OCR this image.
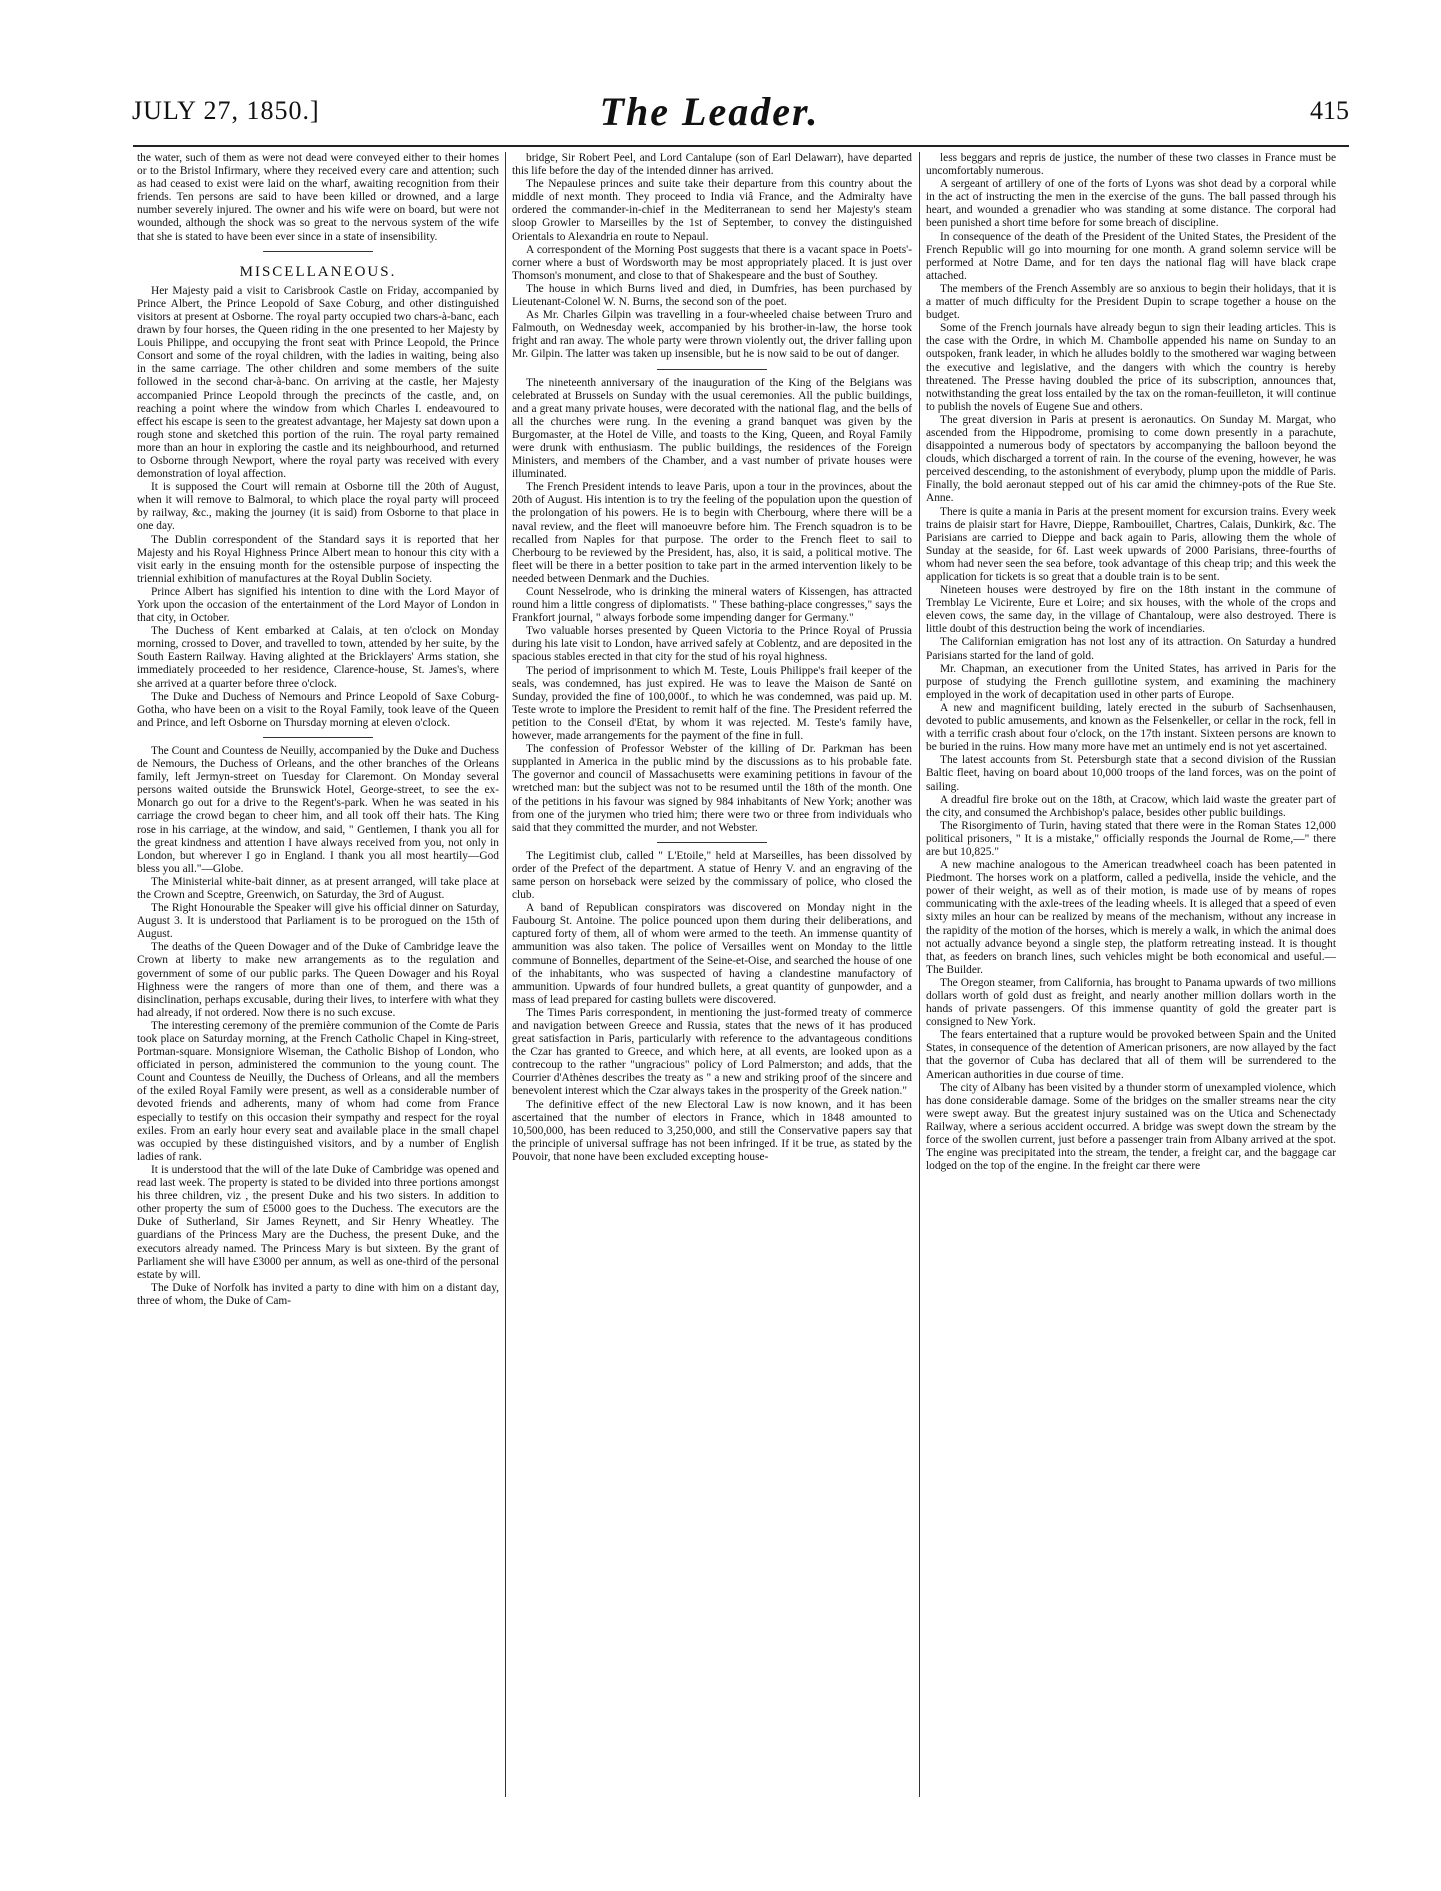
JULY 27, 1850.]	The Leader.	415

the water, such of them as were not dead were conveyed either to their homes or to the Bristol Infirmary, where they received every care and attention; such as had ceased to exist were laid on the wharf, awaiting recognition from their friends. Ten persons are said to have been killed or drowned, and a large number severely injured. The owner and his wife were on board, but were not wounded, although the shock was so great to the nervous system of the wife that she is stated to have been ever since in a state of insensibility.

MISCELLANEOUS.

Her Majesty paid a visit to Carisbrook Castle on Friday, accompanied by Prince Albert, the Prince Leopold of Saxe Coburg, and other distinguished visitors at present at Osborne. The royal party occupied two chars-à-banc, each drawn by four horses, the Queen riding in the one presented to her Majesty by Louis Philippe, and occupying the front seat with Prince Leopold, the Prince Consort and some of the royal children, with the ladies in waiting, being also in the same carriage. The other children and some members of the suite followed in the second char-à-banc. On arriving at the castle, her Majesty accompanied Prince Leopold through the precincts of the castle, and, on reaching a point where the window from which Charles I. endeavoured to effect his escape is seen to the greatest advantage, her Majesty sat down upon a rough stone and sketched this portion of the ruin. The royal party remained more than an hour in exploring the castle and its neighbourhood, and returned to Osborne through Newport, where the royal party was received with every demonstration of loyal affection.

It is supposed the Court will remain at Osborne till the 20th of August, when it will remove to Balmoral, to which place the royal party will proceed by railway, &c., making the journey (it is said) from Osborne to that place in one day.

The Dublin correspondent of the Standard says it is reported that her Majesty and his Royal Highness Prince Albert mean to honour this city with a visit early in the ensuing month for the ostensible purpose of inspecting the triennial exhibition of manufactures at the Royal Dublin Society.

Prince Albert has signified his intention to dine with the Lord Mayor of York upon the occasion of the entertainment of the Lord Mayor of London in that city, in October.

The Duchess of Kent embarked at Calais, at ten o'clock on Monday morning, crossed to Dover, and travelled to town, attended by her suite, by the South Eastern Railway. Having alighted at the Bricklayers' Arms station, she immediately proceeded to her residence, Clarence-house, St. James's, where she arrived at a quarter before three o'clock.

The Duke and Duchess of Nemours and Prince Leopold of Saxe Coburg-Gotha, who have been on a visit to the Royal Family, took leave of the Queen and Prince, and left Osborne on Thursday morning at eleven o'clock.

The Count and Countess de Neuilly, accompanied by the Duke and Duchess de Nemours, the Duchess of Orleans, and the other branches of the Orleans family, left Jermyn-street on Tuesday for Claremont. On Monday several persons waited outside the Brunswick Hotel, George-street, to see the ex-Monarch go out for a drive to the Regent's-park. When he was seated in his carriage the crowd began to cheer him, and all took off their hats. The King rose in his carriage, at the window, and said, " Gentlemen, I thank you all for the great kindness and attention I have always received from you, not only in London, but wherever I go in England. I thank you all most heartily—God bless you all."—Globe.

The Ministerial white-bait dinner, as at present arranged, will take place at the Crown and Sceptre, Greenwich, on Saturday, the 3rd of August.

The Right Honourable the Speaker will give his official dinner on Saturday, August 3. It is understood that Parliament is to be prorogued on the 15th of August.

The deaths of the Queen Dowager and of the Duke of Cambridge leave the Crown at liberty to make new arrangements as to the regulation and government of some of our public parks. The Queen Dowager and his Royal Highness were the rangers of more than one of them, and there was a disinclination, perhaps excusable, during their lives, to interfere with what they had already, if not ordered. Now there is no such excuse.

The interesting ceremony of the première communion of the Comte de Paris took place on Saturday morning, at the French Catholic Chapel in King-street, Portman-square. Monsigniore Wiseman, the Catholic Bishop of London, who officiated in person, administered the communion to the young count. The Count and Countess de Neuilly, the Duchess of Orleans, and all the members of the exiled Royal Family were present, as well as a considerable number of devoted friends and adherents, many of whom had come from France especially to testify on this occasion their sympathy and respect for the royal exiles. From an early hour every seat and available place in the small chapel was occupied by these distinguished visitors, and by a number of English ladies of rank.

It is understood that the will of the late Duke of Cambridge was opened and read last week. The property is stated to be divided into three portions amongst his three children, viz , the present Duke and his two sisters. In addition to other property the sum of £5000 goes to the Duchess. The executors are the Duke of Sutherland, Sir James Reynett, and Sir Henry Wheatley. The guardians of the Princess Mary are the Duchess, the present Duke, and the executors already named. The Princess Mary is but sixteen. By the grant of Parliament she will have £3000 per annum, as well as one-third of the personal estate by will.

The Duke of Norfolk has invited a party to dine with him on a distant day, three of whom, the Duke of Cam-

bridge, Sir Robert Peel, and Lord Cantalupe (son of Earl Delawarr), have departed this life before the day of the intended dinner has arrived.

The Nepaulese princes and suite take their departure from this country about the middle of next month. They proceed to India viâ France, and the Admiralty have ordered the commander-in-chief in the Mediterranean to send her Majesty's steam sloop Growler to Marseilles by the 1st of September, to convey the distinguished Orientals to Alexandria en route to Nepaul.

A correspondent of the Morning Post suggests that there is a vacant space in Poets'-corner where a bust of Wordsworth may be most appropriately placed. It is just over Thomson's monument, and close to that of Shakespeare and the bust of Southey.

The house in which Burns lived and died, in Dumfries, has been purchased by Lieutenant-Colonel W. N. Burns, the second son of the poet.

As Mr. Charles Gilpin was travelling in a four-wheeled chaise between Truro and Falmouth, on Wednesday week, accompanied by his brother-in-law, the horse took fright and ran away. The whole party were thrown violently out, the driver falling upon Mr. Gilpin. The latter was taken up insensible, but he is now said to be out of danger.

The nineteenth anniversary of the inauguration of the King of the Belgians was celebrated at Brussels on Sunday with the usual ceremonies. All the public buildings, and a great many private houses, were decorated with the national flag, and the bells of all the churches were rung. In the evening a grand banquet was given by the Burgomaster, at the Hotel de Ville, and toasts to the King, Queen, and Royal Family were drunk with enthusiasm. The public buildings, the residences of the Foreign Ministers, and members of the Chamber, and a vast number of private houses were illuminated.

The French President intends to leave Paris, upon a tour in the provinces, about the 20th of August. His intention is to try the feeling of the population upon the question of the prolongation of his powers. He is to begin with Cherbourg, where there will be a naval review, and the fleet will manoeuvre before him. The French squadron is to be recalled from Naples for that purpose. The order to the French fleet to sail to Cherbourg to be reviewed by the President, has, also, it is said, a political motive. The fleet will be there in a better position to take part in the armed intervention likely to be needed between Denmark and the Duchies.

Count Nesselrode, who is drinking the mineral waters of Kissengen, has attracted round him a little congress of diplomatists. " These bathing-place congresses," says the Frankfort journal, " always forbode some impending danger for Germany."

Two valuable horses presented by Queen Victoria to the Prince Royal of Prussia during his late visit to London, have arrived safely at Coblentz, and are deposited in the spacious stables erected in that city for the stud of his royal highness.

The period of imprisonment to which M. Teste, Louis Philippe's frail keeper of the seals, was condemned, has just expired. He was to leave the Maison de Santé on Sunday, provided the fine of 100,000f., to which he was condemned, was paid up. M. Teste wrote to implore the President to remit half of the fine. The President referred the petition to the Conseil d'Etat, by whom it was rejected. M. Teste's family have, however, made arrangements for the payment of the fine in full.

The confession of Professor Webster of the killing of Dr. Parkman has been supplanted in America in the public mind by the discussions as to his probable fate. The governor and council of Massachusetts were examining petitions in favour of the wretched man: but the subject was not to be resumed until the 18th of the month. One of the petitions in his favour was signed by 984 inhabitants of New York; another was from one of the jurymen who tried him; there were two or three from individuals who said that they committed the murder, and not Webster.

The Legitimist club, called " L'Etoile," held at Marseilles, has been dissolved by order of the Prefect of the department. A statue of Henry V. and an engraving of the same person on horseback were seized by the commissary of police, who closed the club.

A band of Republican conspirators was discovered on Monday night in the Faubourg St. Antoine. The police pounced upon them during their deliberations, and captured forty of them, all of whom were armed to the teeth. An immense quantity of ammunition was also taken. The police of Versailles went on Monday to the little commune of Bonnelles, department of the Seine-et-Oise, and searched the house of one of the inhabitants, who was suspected of having a clandestine manufactory of ammunition. Upwards of four hundred bullets, a great quantity of gunpowder, and a mass of lead prepared for casting bullets were discovered.

The Times Paris correspondent, in mentioning the just-formed treaty of commerce and navigation between Greece and Russia, states that the news of it has produced great satisfaction in Paris, particularly with reference to the advantageous conditions the Czar has granted to Greece, and which here, at all events, are looked upon as a contrecoup to the rather "ungracious" policy of Lord Palmerston; and adds, that the Courrier d'Athènes describes the treaty as " a new and striking proof of the sincere and benevolent interest which the Czar always takes in the prosperity of the Greek nation."

The definitive effect of the new Electoral Law is now known, and it has been ascertained that the number of electors in France, which in 1848 amounted to 10,500,000, has been reduced to 3,250,000, and still the Conservative papers say that the principle of universal suffrage has not been infringed. If it be true, as stated by the Pouvoir, that none have been excluded excepting house-

less beggars and repris de justice, the number of these two classes in France must be uncomfortably numerous.

A sergeant of artillery of one of the forts of Lyons was shot dead by a corporal while in the act of instructing the men in the exercise of the guns. The ball passed through his heart, and wounded a grenadier who was standing at some distance. The corporal had been punished a short time before for some breach of discipline.

In consequence of the death of the President of the United States, the President of the French Republic will go into mourning for one month. A grand solemn service will be performed at Notre Dame, and for ten days the national flag will have black crape attached.

The members of the French Assembly are so anxious to begin their holidays, that it is a matter of much difficulty for the President Dupin to scrape together a house on the budget.

Some of the French journals have already begun to sign their leading articles. This is the case with the Ordre, in which M. Chambolle appended his name on Sunday to an outspoken, frank leader, in which he alludes boldly to the smothered war waging between the executive and legislative, and the dangers with which the country is hereby threatened. The Presse having doubled the price of its subscription, announces that, notwithstanding the great loss entailed by the tax on the roman-feuilleton, it will continue to publish the novels of Eugene Sue and others.

The great diversion in Paris at present is aeronautics. On Sunday M. Margat, who ascended from the Hippodrome, promising to come down presently in a parachute, disappointed a numerous body of spectators by accompanying the balloon beyond the clouds, which discharged a torrent of rain. In the course of the evening, however, he was perceived descending, to the astonishment of everybody, plump upon the middle of Paris. Finally, the bold aeronaut stepped out of his car amid the chimney-pots of the Rue Ste. Anne.

There is quite a mania in Paris at the present moment for excursion trains. Every week trains de plaisir start for Havre, Dieppe, Rambouillet, Chartres, Calais, Dunkirk, &c. The Parisians are carried to Dieppe and back again to Paris, allowing them the whole of Sunday at the seaside, for 6f. Last week upwards of 2000 Parisians, three-fourths of whom had never seen the sea before, took advantage of this cheap trip; and this week the application for tickets is so great that a double train is to be sent.

Nineteen houses were destroyed by fire on the 18th instant in the commune of Tremblay Le Vicirente, Eure et Loire; and six houses, with the whole of the crops and eleven cows, the same day, in the village of Chantaloup, were also destroyed. There is little doubt of this destruction being the work of incendiaries.

The Californian emigration has not lost any of its attraction. On Saturday a hundred Parisians started for the land of gold.

Mr. Chapman, an executioner from the United States, has arrived in Paris for the purpose of studying the French guillotine system, and examining the machinery employed in the work of decapitation used in other parts of Europe.

A new and magnificent building, lately erected in the suburb of Sachsenhausen, devoted to public amusements, and known as the Felsenkeller, or cellar in the rock, fell in with a terrific crash about four o'clock, on the 17th instant. Sixteen persons are known to be buried in the ruins. How many more have met an untimely end is not yet ascertained.

The latest accounts from St. Petersburgh state that a second division of the Russian Baltic fleet, having on board about 10,000 troops of the land forces, was on the point of sailing.

A dreadful fire broke out on the 18th, at Cracow, which laid waste the greater part of the city, and consumed the Archbishop's palace, besides other public buildings.

The Risorgimento of Turin, having stated that there were in the Roman States 12,000 political prisoners, " It is a mistake," officially responds the Journal de Rome,—" there are but 10,825."

A new machine analogous to the American treadwheel coach has been patented in Piedmont. The horses work on a platform, called a pedivella, inside the vehicle, and the power of their weight, as well as of their motion, is made use of by means of ropes communicating with the axle-trees of the leading wheels. It is alleged that a speed of even sixty miles an hour can be realized by means of the mechanism, without any increase in the rapidity of the motion of the horses, which is merely a walk, in which the animal does not actually advance beyond a single step, the platform retreating instead. It is thought that, as feeders on branch lines, such vehicles might be both economical and useful.—The Builder.

The Oregon steamer, from California, has brought to Panama upwards of two millions dollars worth of gold dust as freight, and nearly another million dollars worth in the hands of private passengers. Of this immense quantity of gold the greater part is consigned to New York.

The fears entertained that a rupture would be provoked between Spain and the United States, in consequence of the detention of American prisoners, are now allayed by the fact that the governor of Cuba has declared that all of them will be surrendered to the American authorities in due course of time.

The city of Albany has been visited by a thunder storm of unexampled violence, which has done considerable damage. Some of the bridges on the smaller streams near the city were swept away. But the greatest injury sustained was on the Utica and Schenectady Railway, where a serious accident occurred. A bridge was swept down the stream by the force of the swollen current, just before a passenger train from Albany arrived at the spot. The engine was precipitated into the stream, the tender, a freight car, and the baggage car lodged on the top of the engine. In the freight car there were
